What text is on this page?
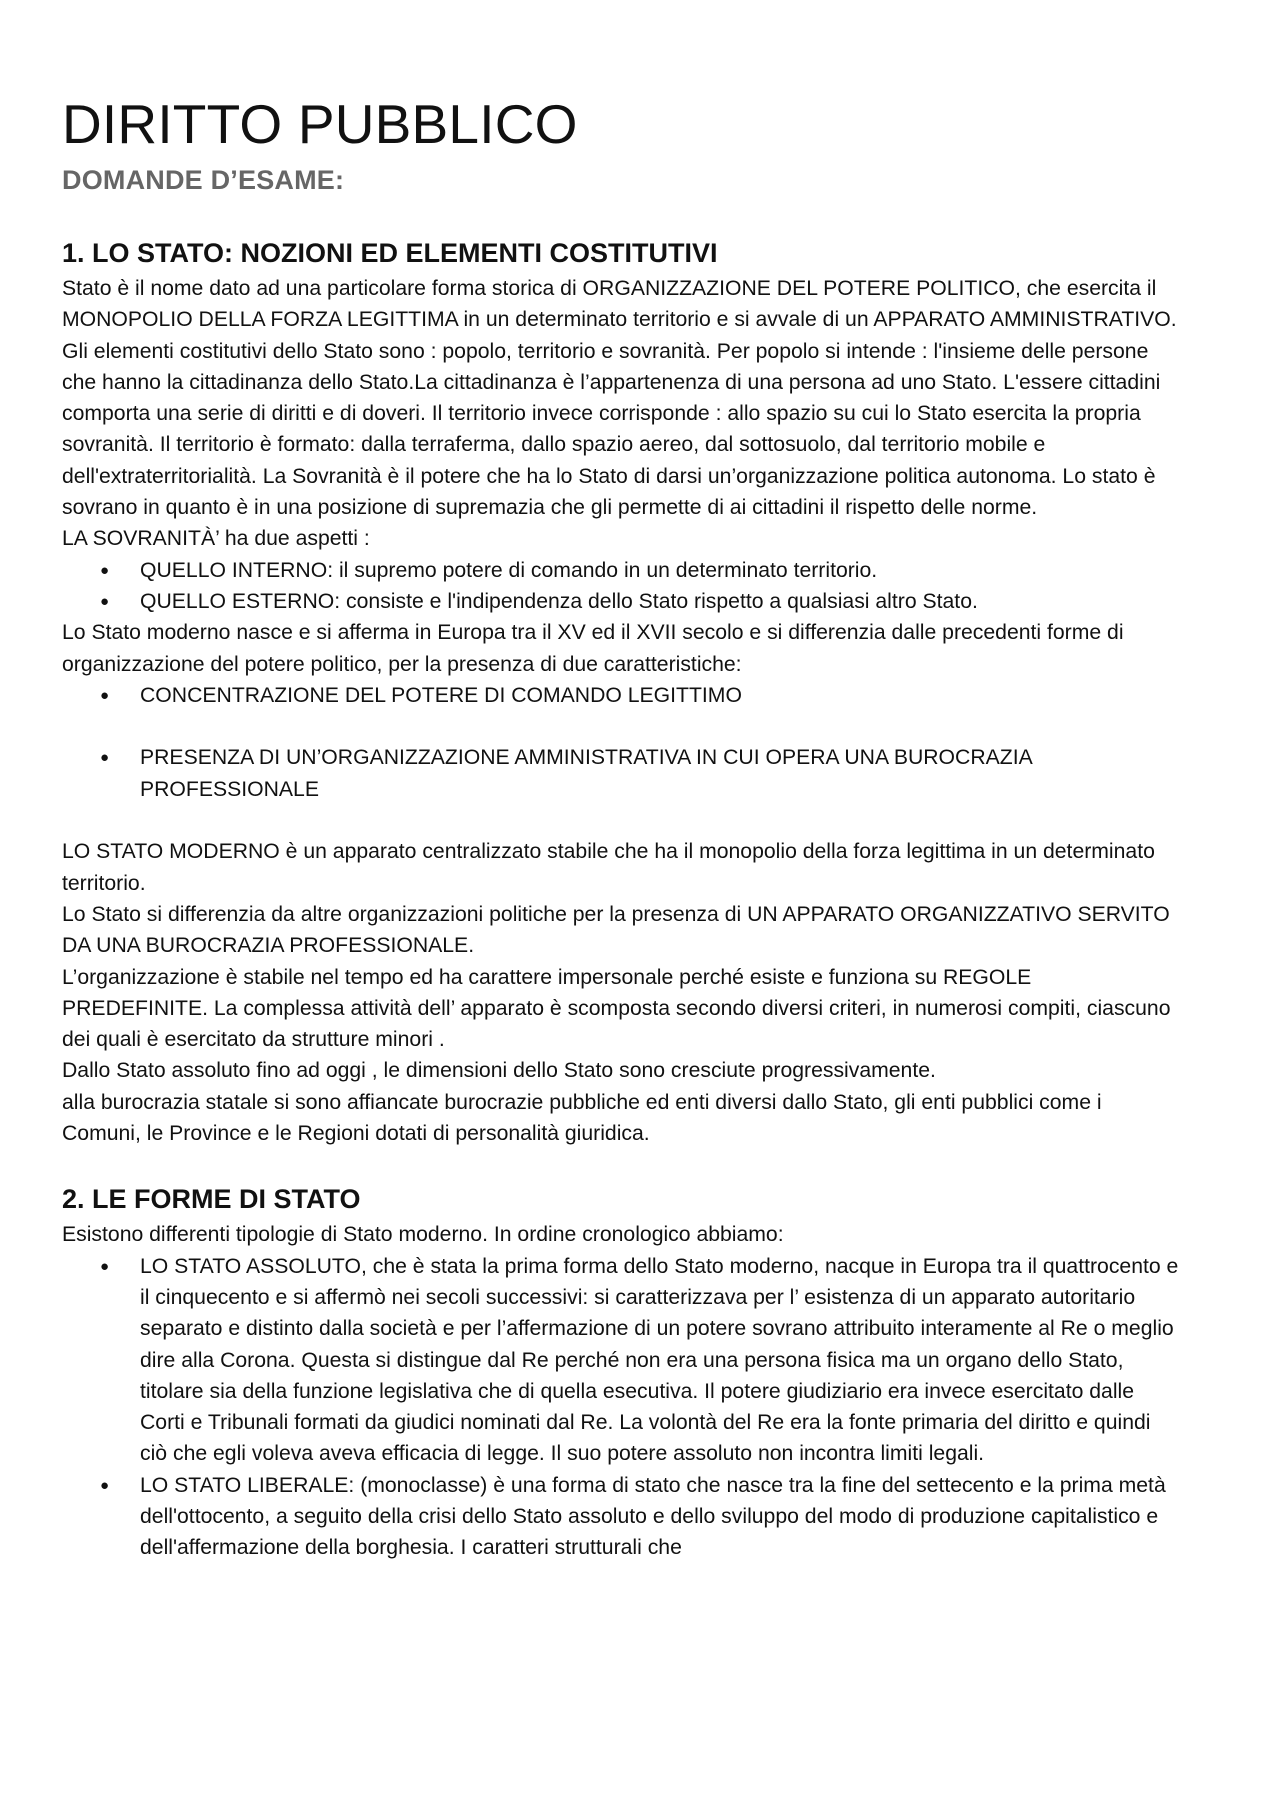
DIRITTO PUBBLICO
DOMANDE D’ESAME:
1. LO STATO: NOZIONI ED ELEMENTI COSTITUTIVI

Stato è il nome dato ad una particolare forma storica di ORGANIZZAZIONE DEL POTERE POLITICO, che esercita il MONOPOLIO DELLA FORZA LEGITTIMA in un determinato territorio e si avvale di un APPARATO AMMINISTRATIVO.

Gli elementi costitutivi dello Stato sono : popolo, territorio e sovranità. Per popolo si intende : l'insieme delle persone che hanno la cittadinanza dello Stato.La cittadinanza è l’appartenenza di una persona ad uno Stato. L'essere cittadini comporta una serie di diritti e di doveri. Il territorio invece corrisponde : allo spazio su cui lo Stato esercita la propria sovranità. Il territorio è formato: dalla terraferma, dallo spazio aereo, dal sottosuolo, dal territorio mobile e dell'extraterritorialità. La Sovranità è il potere che ha lo Stato di darsi un’organizzazione politica autonoma. Lo stato è sovrano in quanto è in una posizione di supremazia che gli permette di ai cittadini il rispetto delle norme.

LA SOVRANITÀ’ ha due aspetti :

● QUELLO INTERNO: il supremo potere di comando in un determinato territorio.
● QUELLO ESTERNO: consiste e l'indipendenza dello Stato rispetto a qualsiasi altro Stato.

Lo Stato moderno nasce e si afferma in Europa tra il XV ed il XVII secolo e si differenzia dalle precedenti forme di organizzazione del potere politico, per la presenza di due caratteristiche:

● CONCENTRAZIONE DEL POTERE DI COMANDO LEGITTIMO
● PRESENZA DI UN’ORGANIZZAZIONE AMMINISTRATIVA IN CUI OPERA UNA BUROCRAZIA PROFESSIONALE

LO STATO MODERNO è un apparato centralizzato stabile che ha il monopolio della forza legittima in un determinato territorio.

Lo Stato si differenzia da altre organizzazioni politiche per la presenza di UN APPARATO ORGANIZZATIVO SERVITO DA UNA BUROCRAZIA PROFESSIONALE.

L’organizzazione è stabile nel tempo ed ha carattere impersonale perché esiste e funziona su REGOLE PREDEFINITE. La complessa attività dell’ apparato è scomposta secondo diversi criteri, in numerosi compiti, ciascuno dei quali è esercitato da strutture minori .

Dallo Stato assoluto fino ad oggi , le dimensioni dello Stato sono cresciute progressivamente.

alla burocrazia statale si sono affiancate burocrazie pubbliche ed enti diversi dallo Stato, gli enti pubblici come i Comuni, le Province e le Regioni dotati di personalità giuridica.

2. LE FORME DI STATO

Esistono differenti tipologie di Stato moderno. In ordine cronologico abbiamo:

● LO STATO ASSOLUTO, che è stata la prima forma dello Stato moderno, nacque in Europa tra il quattrocento e il cinquecento e si affermò nei secoli successivi: si caratterizzava per l’ esistenza di un apparato autoritario separato e distinto dalla società e per l’affermazione di un potere sovrano attribuito interamente al Re o meglio dire alla Corona. Questa si distingue dal Re perché non era una persona fisica ma un organo dello Stato, titolare sia della funzione legislativa che di quella esecutiva. Il potere giudiziario era invece esercitato dalle Corti e Tribunali formati da giudici nominati dal Re. La volontà del Re era la fonte primaria del diritto e quindi ciò che egli voleva aveva efficacia di legge. Il suo potere assoluto non incontra limiti legali.
● LO STATO LIBERALE: (monoclasse) è una forma di stato che nasce tra la fine del settecento e la prima metà dell'ottocento, a seguito della crisi dello Stato assoluto e dello sviluppo del modo di produzione capitalistico e dell'affermazione della borghesia. I caratteri strutturali che
